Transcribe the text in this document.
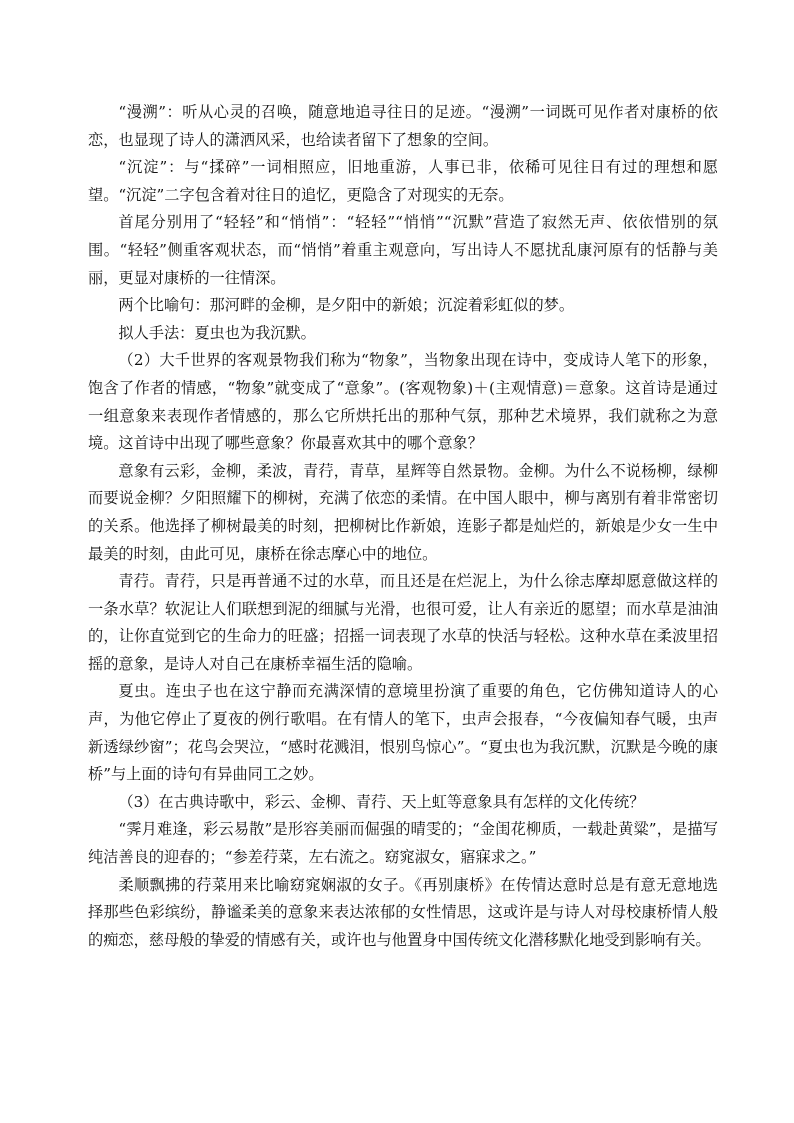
“漫溯”：听从心灵的召唤，随意地追寻往日的足迹。“漫溯”一词既可见作者对康桥的依恋，也显现了诗人的潇洒风采，也给读者留下了想象的空间。

“沉淀”：与“揉碎”一词相照应，旧地重游，人事已非，依稀可见往日有过的理想和愿望。“沉淀”二字包含着对往日的追忆，更隐含了对现实的无奈。

首尾分别用了“轻轻”和“悄悄”：“轻轻”“悄悄”“沉默”营造了寂然无声、依依惜别的氛围。“轻轻”侧重客观状态，而“悄悄”着重主观意向，写出诗人不愿扰乱康河原有的恬静与美丽，更显对康桥的一往情深。

两个比喻句：那河畔的金柳，是夕阳中的新娘；沉淀着彩虹似的梦。

拟人手法：夏虫也为我沉默。

（2）大千世界的客观景物我们称为“物象”，当物象出现在诗中，变成诗人笔下的形象，饱含了作者的情感，“物象”就变成了“意象”。(客观物象)＋(主观情意)＝意象。这首诗是通过一组意象来表现作者情感的，那么它所烘托出的那种气氛，那种艺术境界，我们就称之为意境。这首诗中出现了哪些意象？你最喜欢其中的哪个意象？

意象有云彩，金柳，柔波，青荇，青草，星辉等自然景物。金柳。为什么不说杨柳，绿柳而要说金柳？夕阳照耀下的柳树，充满了依恋的柔情。在中国人眼中，柳与离别有着非常密切的关系。他选择了柳树最美的时刻，把柳树比作新娘，连影子都是灿烂的，新娘是少女一生中最美的时刻，由此可见，康桥在徐志摩心中的地位。

青荇。青荇，只是再普通不过的水草，而且还是在烂泥上，为什么徐志摩却愿意做这样的一条水草？软泥让人们联想到泥的细腻与光滑，也很可爱，让人有亲近的愿望；而水草是油油的，让你直觉到它的生命力的旺盛；招摇一词表现了水草的快活与轻松。这种水草在柔波里招摇的意象，是诗人对自己在康桥幸福生活的隐喻。

夏虫。连虫子也在这宁静而充满深情的意境里扮演了重要的角色，它仿佛知道诗人的心声，为他它停止了夏夜的例行歌唱。在有情人的笔下，虫声会报春，“今夜偏知春气暖，虫声新透绿纱窗”；花鸟会哭泣，“感时花溅泪，恨别鸟惊心”。“夏虫也为我沉默，沉默是今晚的康桥”与上面的诗句有异曲同工之妙。

（3）在古典诗歌中，彩云、金柳、青荇、天上虹等意象具有怎样的文化传统？

“霁月难逢，彩云易散”是形容美丽而倔强的晴雯的；“金闺花柳质，一载赴黄粱”，是描写纯洁善良的迎春的；“参差荇菜，左右流之。窈窕淑女，寤寐求之。”

柔顺飘拂的荇菜用来比喻窈窕娴淑的女子。《再别康桥》在传情达意时总是有意无意地选择那些色彩缤纷，静谧柔美的意象来表达浓郁的女性情思，这或许是与诗人对母校康桥情人般的痴恋，慈母般的挚爱的情感有关，或许也与他置身中国传统文化潜移默化地受到影响有关。
